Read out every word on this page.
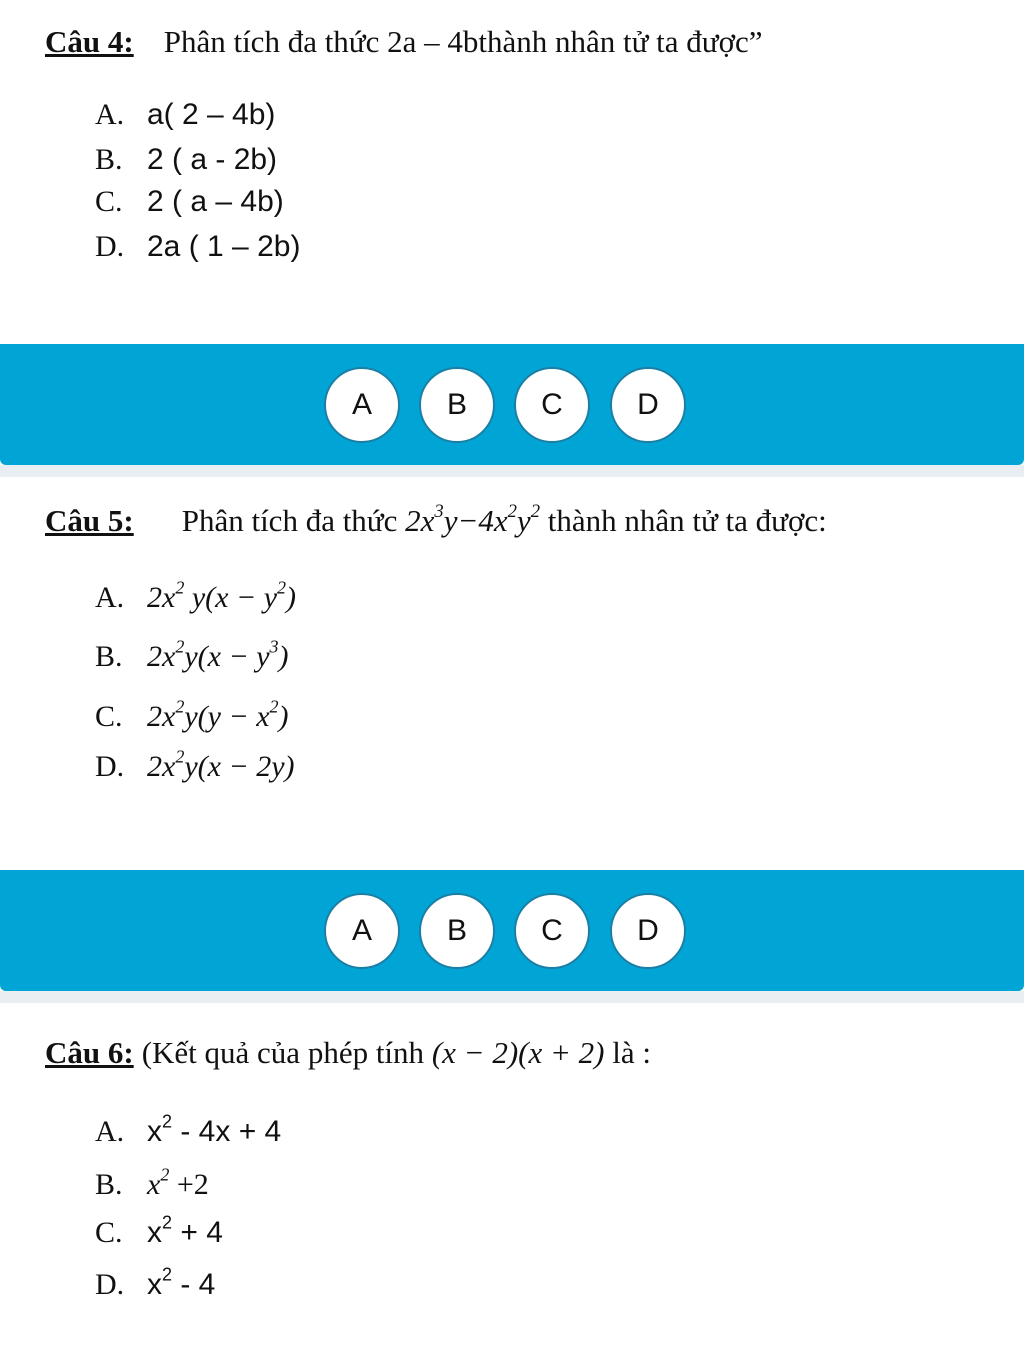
Câu 4: Phân tích đa thức 2a – 4bthành nhân tử ta được”
A. a( 2 – 4b)
B. 2 ( a - 2b)
C. 2 ( a – 4b)
D. 2a ( 1 – 2b)
A	B	C	D
Câu 5: Phân tích đa thức $2x^3y-4x^2y^2$ thành nhân tử ta được:
A. $2x^2$ $y(x - y^2)$
B. $2x^2y(x - y^3)$
C. $2x^2y(y - x^2)$
D. $2x^2y(x - 2y)$
A	B	C	D
Câu 6: (Kết quả của phép tính (x − 2)(x + 2) là :
A. $x^2 - 4x + 4$
B. $x^2 +2$
C. $x^2 + 4$
D. $x^2 - 4$
